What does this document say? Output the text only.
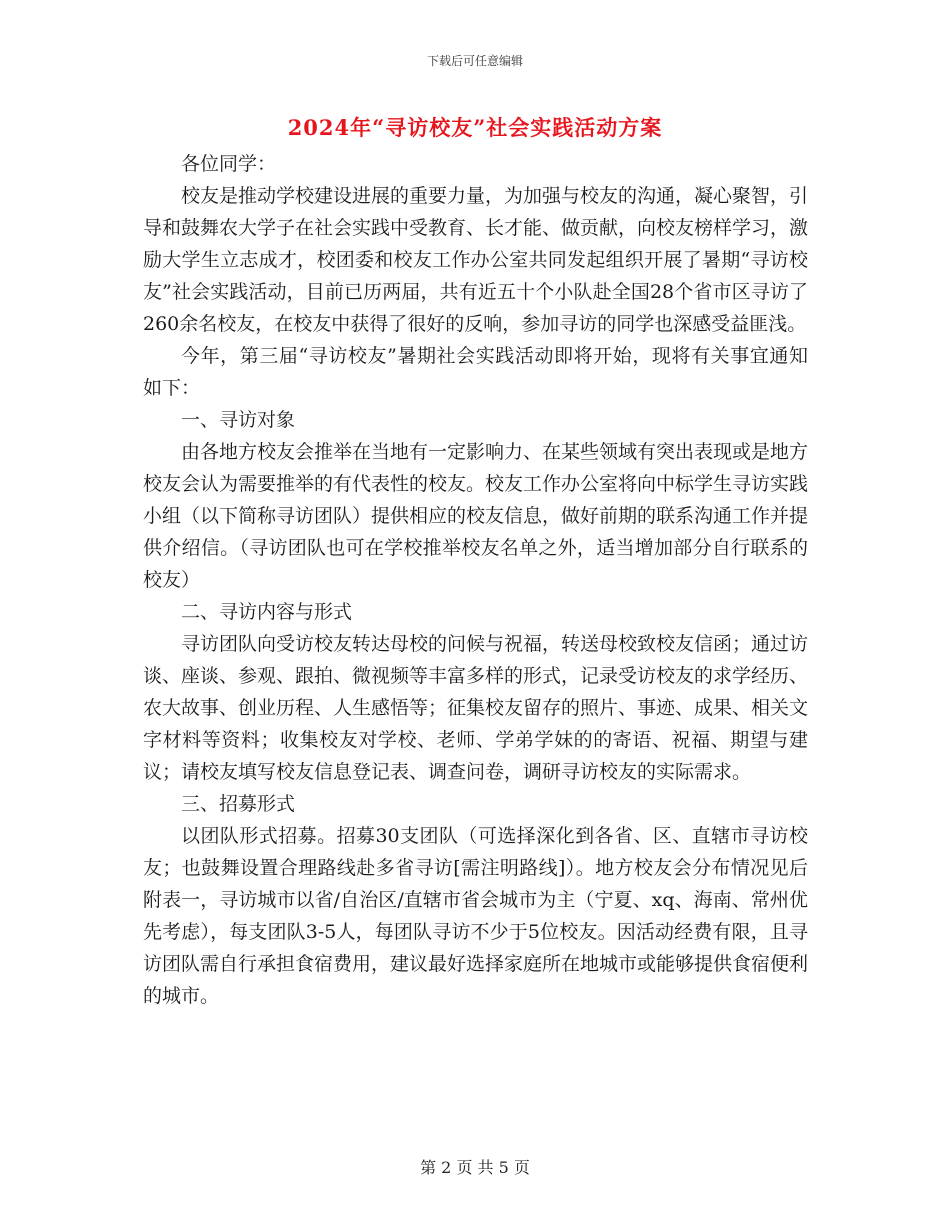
下载后可任意编辑
2024年“寻访校友”社会实践活动方案

各位同学：

校友是推动学校建设进展的重要力量，为加强与校友的沟通，凝心聚智，引导和鼓舞农大学子在社会实践中受教育、长才能、做贡献，向校友榜样学习，激励大学生立志成才，校团委和校友工作办公室共同发起组织开展了暑期“寻访校友”社会实践活动，目前已历两届，共有近五十个小队赴全国28个省市区寻访了260余名校友，在校友中获得了很好的反响，参加寻访的同学也深感受益匪浅。

今年，第三届“寻访校友”暑期社会实践活动即将开始，现将有关事宜通知如下：

一、寻访对象

由各地方校友会推举在当地有一定影响力、在某些领域有突出表现或是地方校友会认为需要推举的有代表性的校友。校友工作办公室将向中标学生寻访实践小组（以下简称寻访团队）提供相应的校友信息，做好前期的联系沟通工作并提供介绍信。（寻访团队也可在学校推举校友名单之外，适当增加部分自行联系的校友）

二、寻访内容与形式

寻访团队向受访校友转达母校的问候与祝福，转送母校致校友信函；通过访谈、座谈、参观、跟拍、微视频等丰富多样的形式，记录受访校友的求学经历、农大故事、创业历程、人生感悟等；征集校友留存的照片、事迹、成果、相关文字材料等资料；收集校友对学校、老师、学弟学妹的的寄语、祝福、期望与建议；请校友填写校友信息登记表、调查问卷，调研寻访校友的实际需求。

三、招募形式

以团队形式招募。招募30支团队（可选择深化到各省、区、直辖市寻访校友；也鼓舞设置合理路线赴多省寻访[需注明路线]）。地方校友会分布情况见后附表一，寻访城市以省/自治区/直辖市省会城市为主（宁夏、xq、海南、常州优先考虑），每支团队3-5人，每团队寻访不少于5位校友。因活动经费有限，且寻访团队需自行承担食宿费用，建议最好选择家庭所在地城市或能够提供食宿便利的城市。

第 2 页 共 5 页
